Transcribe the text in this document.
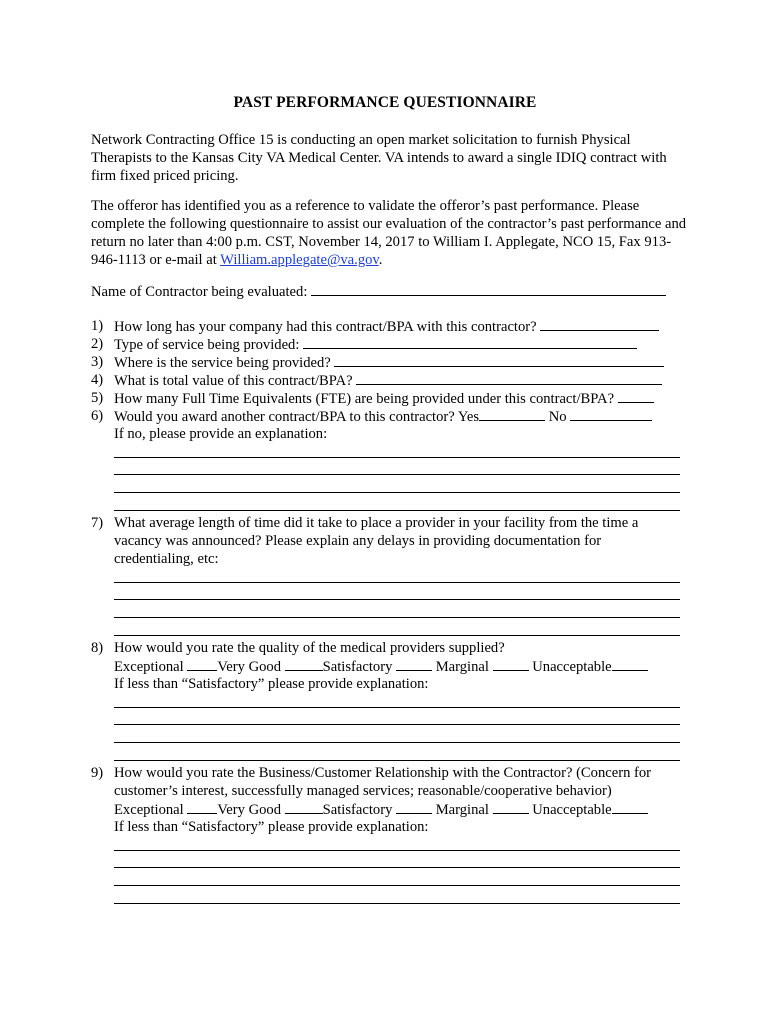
PAST PERFORMANCE QUESTIONNAIRE
Network Contracting Office 15 is conducting an open market solicitation to furnish Physical Therapists to the Kansas City VA Medical Center. VA intends to award a single IDIQ contract with firm fixed priced pricing.
The offeror has identified you as a reference to validate the offeror’s past performance. Please complete the following questionnaire to assist our evaluation of the contractor’s past performance and return no later than 4:00 p.m. CST, November 14, 2017 to William I. Applegate, NCO 15, Fax 913-946-1113 or e-mail at William.applegate@va.gov.
Name of Contractor being evaluated:
1) How long has your company had this contract/BPA with this contractor?
2) Type of service being provided:
3) Where is the service being provided?
4) What is total value of this contract/BPA?
5) How many Full Time Equivalents (FTE) are being provided under this contract/BPA?
6) Would you award another contract/BPA to this contractor? Yes	No
If no, please provide an explanation:
7) What average length of time did it take to place a provider in your facility from the time a
vacancy was announced? Please explain any delays in providing documentation for
credentialing, etc:
8) How would you rate the quality of the medical providers supplied?
Exceptional Very Good	Satisfactory	Marginal	Unacceptable
If less than “Satisfactory” please provide explanation:
9) How would you rate the Business/Customer Relationship with the Contractor? (Concern for
customer’s interest, successfully managed services; reasonable/cooperative behavior)
Exceptional Very Good	Satisfactory	Marginal	Unacceptable
If less than “Satisfactory” please provide explanation:
